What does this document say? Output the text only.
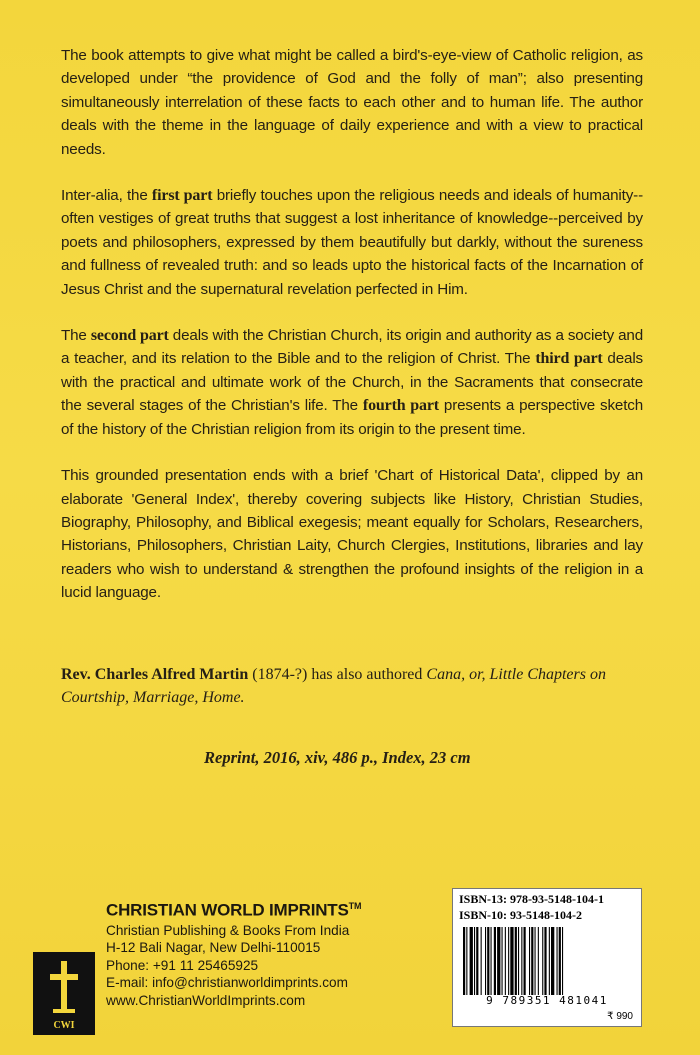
The book attempts to give what might be called a bird's-eye-view of Catholic religion, as developed under “the providence of God and the folly of man”; also presenting simultaneously interrelation of these facts to each other and to human life. The author deals with the theme in the language of daily experience and with a view to practical needs.

Inter-alia, the first part briefly touches upon the religious needs and ideals of humanity--often vestiges of great truths that suggest a lost inheritance of knowledge--perceived by poets and philosophers, expressed by them beautifully but darkly, without the sureness and fullness of revealed truth: and so leads upto the historical facts of the Incarnation of Jesus Christ and the supernatural revelation perfected in Him.

The second part deals with the Christian Church, its origin and authority as a society and a teacher, and its relation to the Bible and to the religion of Christ. The third part deals with the practical and ultimate work of the Church, in the Sacraments that consecrate the several stages of the Christian's life. The fourth part presents a perspective sketch of the history of the Christian religion from its origin to the present time.

This grounded presentation ends with a brief 'Chart of Historical Data', clipped by an elaborate 'General Index', thereby covering subjects like History, Christian Studies, Biography, Philosophy, and Biblical exegesis; meant equally for Scholars, Researchers, Historians, Philosophers, Christian Laity, Church Clergies, Institutions, libraries and lay readers who wish to understand & strengthen the profound insights of the religion in a lucid language.

Rev. Charles Alfred Martin (1874-?) has also authored Cana, or, Little Chapters on Courtship, Marriage, Home.
Reprint, 2016, xiv, 486 p., Index, 23 cm
CWI
CHRISTIAN WORLD IMPRINTS™
Christian Publishing & Books From India
H-12 Bali Nagar, New Delhi-110015
Phone: +91 11 25465925
E-mail: info@christianworldimprints.com
www.ChristianWorldImprints.com
ISBN-13: 978-93-5148-104-1
ISBN-10: 93-5148-104-2
9 789351 481041
₹ 990
